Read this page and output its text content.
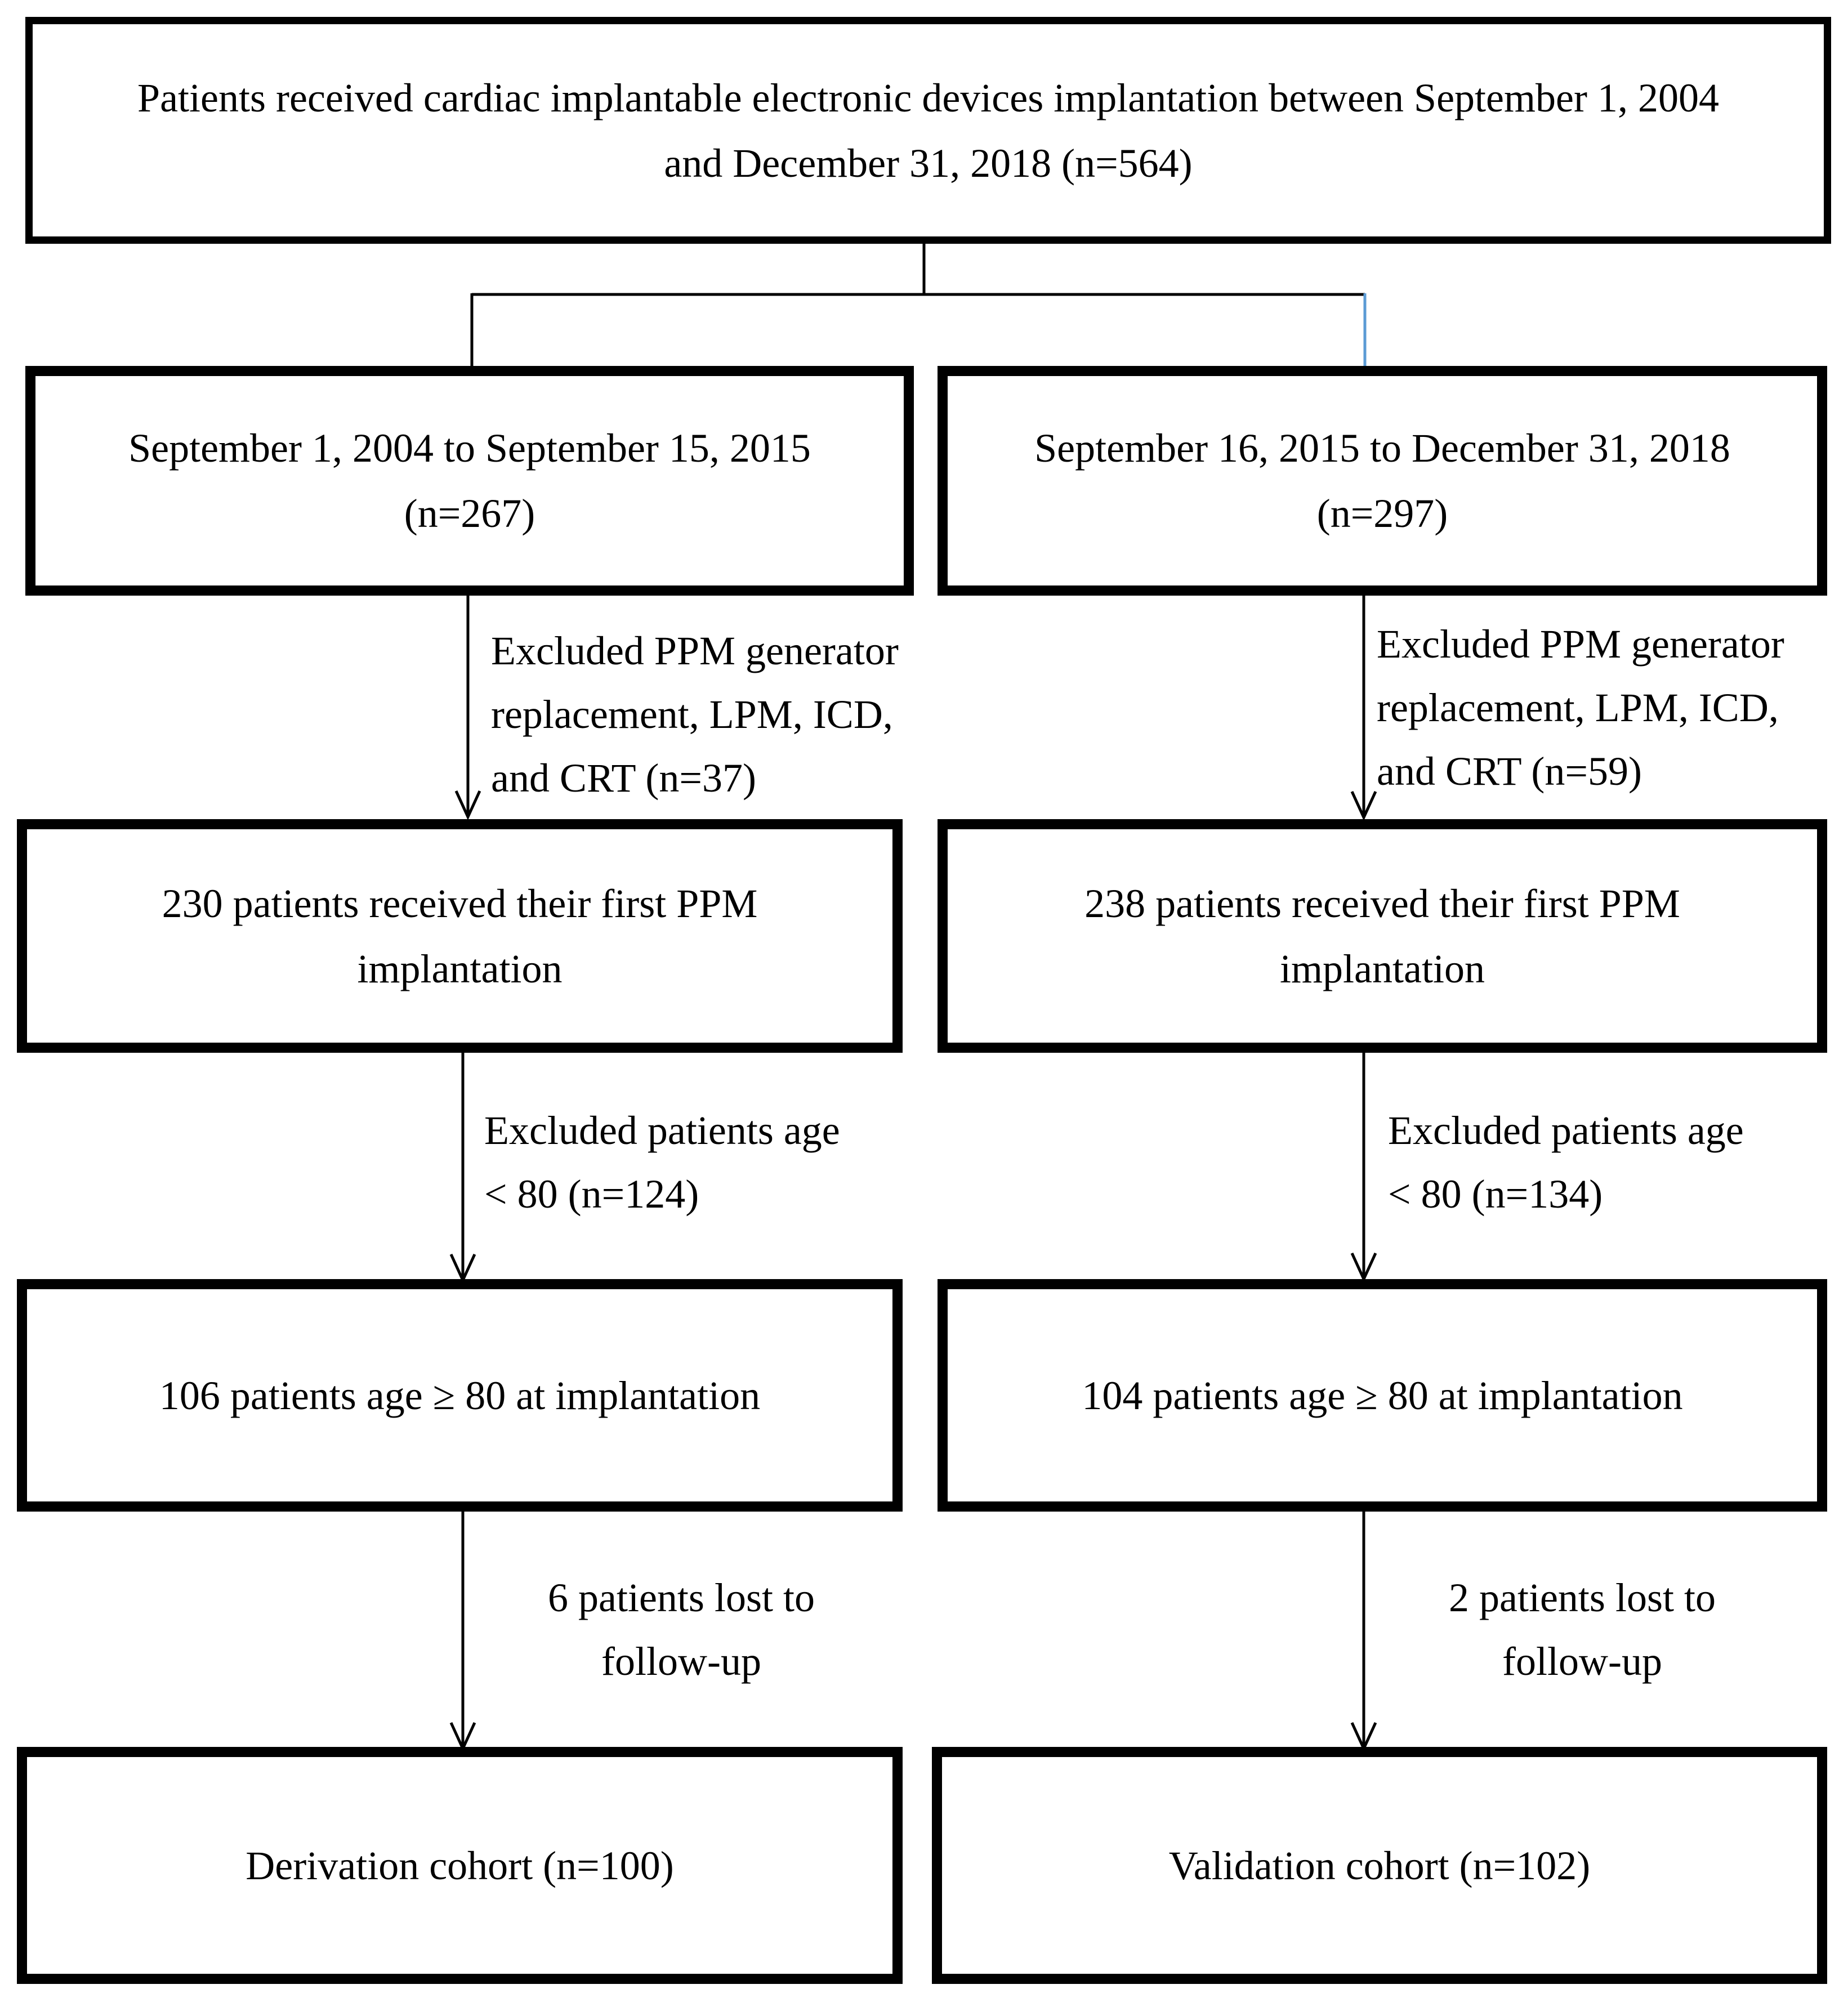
Patients received cardiac implantable electronic devices implantation between September 1, 2004
and December 31, 2018 (n=564)
September 1, 2004 to September 15, 2015
(n=267)
September 16, 2015 to December 31, 2018
(n=297)
Excluded PPM generator
replacement, LPM, ICD,
and CRT (n=37)
Excluded PPM generator
replacement, LPM, ICD,
and CRT (n=59)
230 patients received their first PPM
implantation
238 patients received their first PPM
implantation
Excluded patients age
< 80 (n=124)
Excluded patients age
< 80 (n=134)
106 patients age ≥ 80 at implantation	104 patients age ≥ 80 at implantation
6 patients lost to
follow-up
2 patients lost to
follow-up
Derivation cohort (n=100)	Validation cohort (n=102)
